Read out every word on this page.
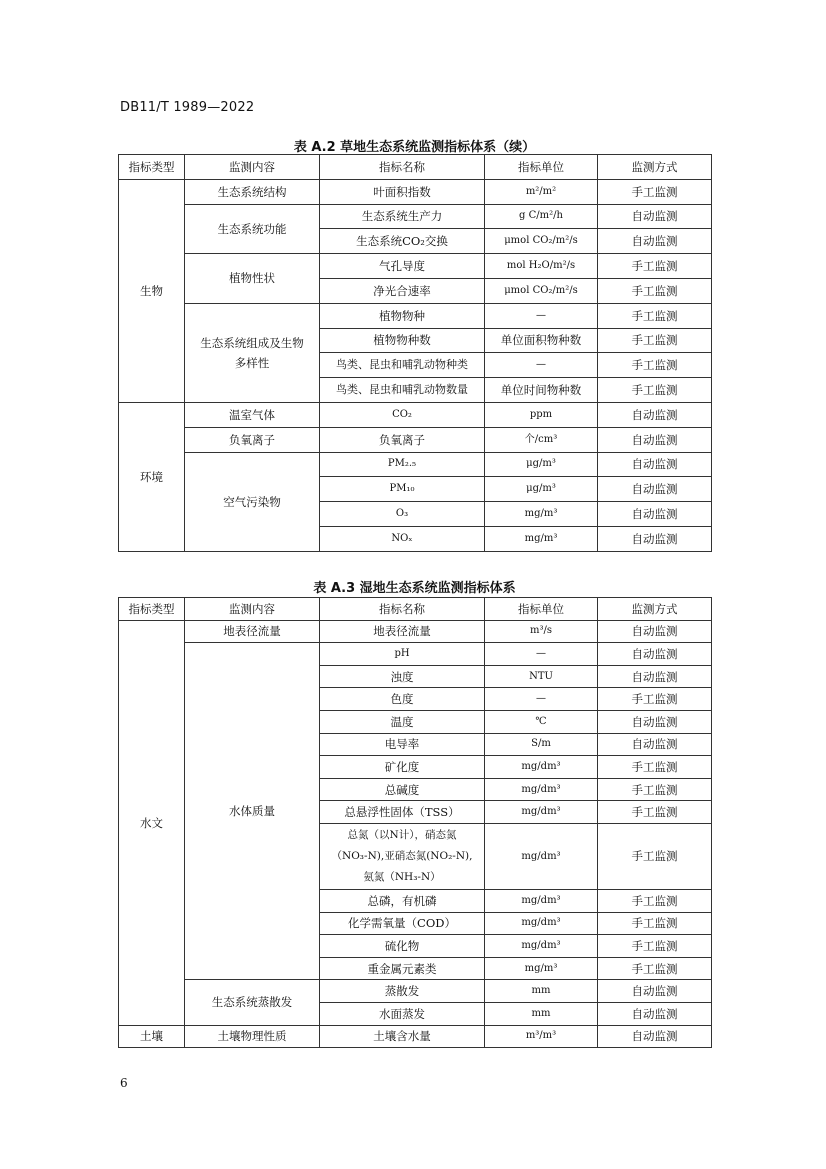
DB11/T 1989—2022
表 A.2 草地生态系统监测指标体系（续）
指标类型	监测内容	指标名称	指标单位	监测方式
生物	生态系统结构	叶面积指数	m²/m²	手工监测
	生态系统功能	生态系统生产力	g C/m²/h	自动监测
		生态系统CO₂交换	μmol CO₂/m²/s	自动监测
	植物性状	气孔导度	mol H₂O/m²/s	手工监测
		净光合速率	μmol CO₂/m²/s	手工监测
	生态系统组成及生物多样性	植物物种	—	手工监测
		植物物种数	单位面积物种数	手工监测
		鸟类、昆虫和哺乳动物种类	—	手工监测
		鸟类、昆虫和哺乳动物数量	单位时间物种数	手工监测
环境	温室气体	CO₂	ppm	自动监测
	负氧离子	负氧离子	个/cm³	自动监测
	空气污染物	PM₂.₅	μg/m³	自动监测
		PM₁₀	μg/m³	自动监测
		O₃	mg/m³	自动监测
		NOₓ	mg/m³	自动监测
表 A.3 湿地生态系统监测指标体系
指标类型	监测内容	指标名称	指标单位	监测方式
水文	地表径流量	地表径流量	m³/s	自动监测
	水体质量	pH	—	自动监测
		浊度	NTU	自动监测
		色度	—	手工监测
		温度	℃	自动监测
		电导率	S/m	自动监测
		矿化度	mg/dm³	手工监测
		总碱度	mg/dm³	手工监测
		总悬浮性固体（TSS）	mg/dm³	手工监测

		总氮（以N计），硝态氮
（NO₃-N),亚硝态氮(NO₂-N),
氨氮（NH₃-N）	mg/dm³	手工监测
		总磷，有机磷	mg/dm³	手工监测
		化学需氧量（COD）	mg/dm³	手工监测
		硫化物	mg/dm³	手工监测
		重金属元素类	mg/m³	手工监测
	生态系统蒸散发	蒸散发	mm	自动监测
		水面蒸发	mm	自动监测
土壤	土壤物理性质	土壤含水量	m³/m³	自动监测
6
